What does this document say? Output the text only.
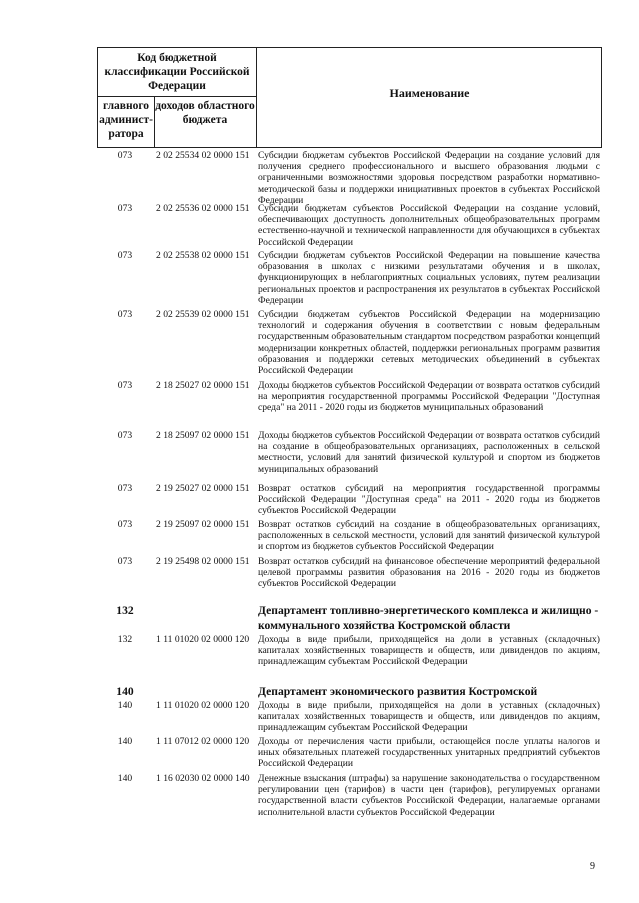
Код бюджетной классификации Российской Федерации
главного админист-ратора
доходов областного бюджета
Наименование
073	2 02 25534 02 0000 151 Субсидии бюджетам субъектов Российской Федерации на создание условий для получения среднего профессионального и высшего образования людьми с ограниченными возможностями здоровья посредством разработки нормативно-методической базы и поддержки инициативных проектов в субъектах Российской Федерации
073	2 02 25536 02 0000 151 Субсидии бюджетам субъектов Российской Федерации на создание условий, обеспечивающих доступность дополнительных общеобразовательных программ естественно-научной и технической направленности для обучающихся в субъектах Российской Федерации
073	2 02 25538 02 0000 151 Субсидии бюджетам субъектов Российской Федерации на повышение качества образования в школах с низкими результатами обучения и в школах, функционирующих в неблагоприятных социальных условиях, путем реализации региональных проектов и распространения их результатов в субъектах Российской Федерации
073	2 02 25539 02 0000 151 Субсидии бюджетам субъектов Российской Федерации на модернизацию технологий и содержания обучения в соответствии с новым федеральным государственным образовательным стандартом посредством разработки концепций модернизации конкретных областей, поддержки региональных программ развития образования и поддержки сетевых методических объединений в субъектах Российской Федерации
073	2 18 25027 02 0000 151 Доходы бюджетов субъектов Российской Федерации от возврата остатков субсидий на мероприятия государственной программы Российской Федерации "Доступная среда" на 2011 - 2020 годы из бюджетов муниципальных образований
073	2 18 25097 02 0000 151 Доходы бюджетов субъектов Российской Федерации от возврата остатков субсидий на создание в общеобразовательных организациях, расположенных в сельской местности, условий для занятий физической культурой и спортом из бюджетов муниципальных образований
073	2 19 25027 02 0000 151 Возврат остатков субсидий на мероприятия государственной программы Российской Федерации "Доступная среда" на 2011 - 2020 годы из бюджетов субъектов Российской Федерации
073	2 19 25097 02 0000 151 Возврат остатков субсидий на создание в общеобразовательных организациях, расположенных в сельской местности, условий для занятий физической культурой и спортом из бюджетов субъектов Российской Федерации
073	2 19 25498 02 0000 151 Возврат остатков субсидий на финансовое обеспечение мероприятий федеральной целевой программы развития образования на 2016 - 2020 годы из бюджетов субъектов Российской Федерации
132	Департамент топливно-энергетического комплекса и жилищно - коммунального хозяйства Костромской области
132	1 11 01020 02 0000 120 Доходы в виде прибыли, приходящейся на доли в уставных (складочных) капиталах хозяйственных товариществ и обществ, или дивидендов по акциям, принадлежащим субъектам Российской Федерации
140	Департамент экономического развития Костромской
140	1 11 01020 02 0000 120 Доходы в виде прибыли, приходящейся на доли в уставных (складочных) капиталах хозяйственных товариществ и обществ, или дивидендов по акциям, принадлежащим субъектам Российской Федерации
140	1 11 07012 02 0000 120 Доходы от перечисления части прибыли, остающейся после уплаты налогов и иных обязательных платежей государственных унитарных предприятий субъектов Российской Федерации
140	1 16 02030 02 0000 140 Денежные взыскания (штрафы) за нарушение законодательства о государственном регулировании цен (тарифов) в части цен (тарифов), регулируемых органами государственной власти субъектов Российской Федерации, налагаемые органами исполнительной власти субъектов Российской Федерации
9
